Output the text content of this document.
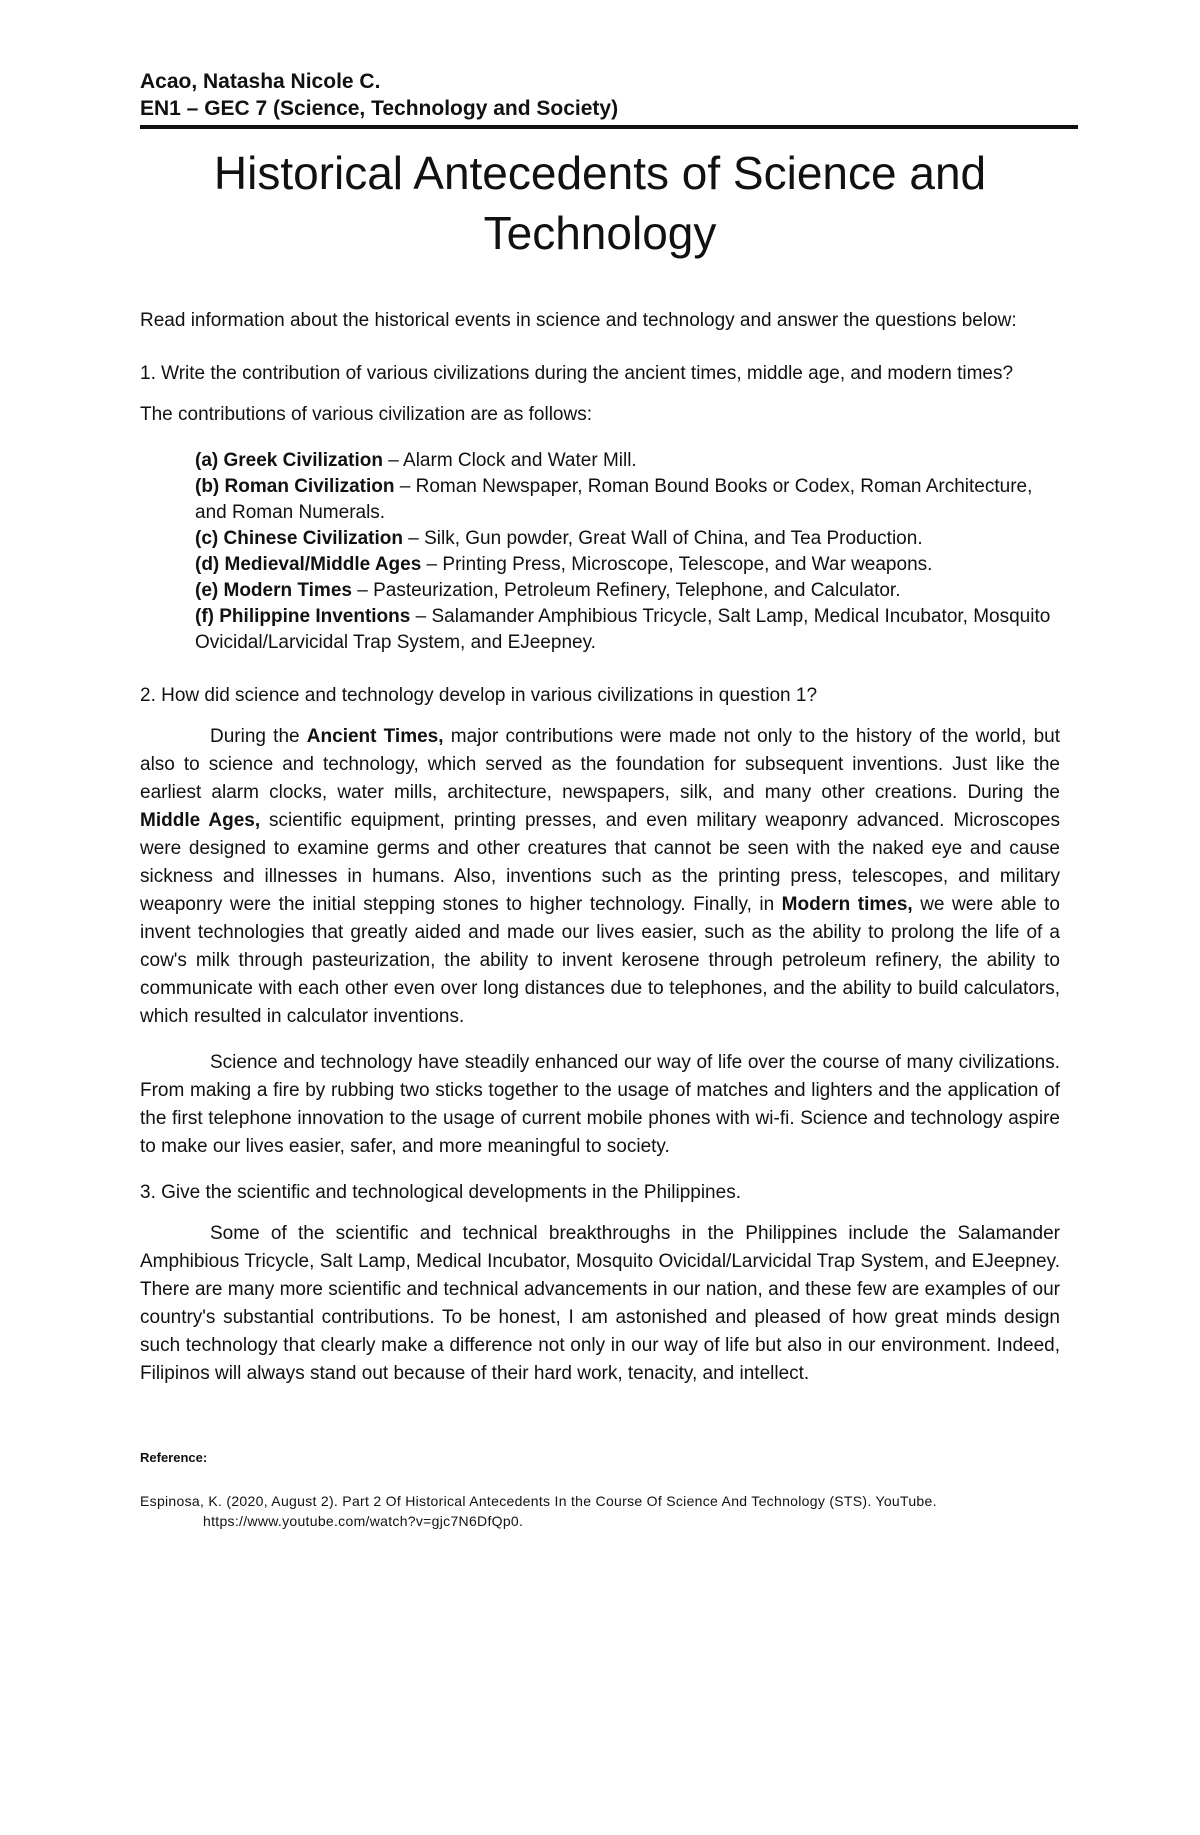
Acao, Natasha Nicole C.
EN1 – GEC 7 (Science, Technology and Society)
Historical Antecedents of Science and Technology

Read information about the historical events in science and technology and answer the questions below:

1. Write the contribution of various civilizations during the ancient times, middle age, and modern times?

The contributions of various civilization are as follows:

(a) Greek Civilization – Alarm Clock and Water Mill.
(b) Roman Civilization – Roman Newspaper, Roman Bound Books or Codex, Roman Architecture, and Roman Numerals.
(c) Chinese Civilization – Silk, Gun powder, Great Wall of China, and Tea Production.
(d) Medieval/Middle Ages – Printing Press, Microscope, Telescope, and War weapons.
(e) Modern Times – Pasteurization, Petroleum Refinery, Telephone, and Calculator.
(f) Philippine Inventions – Salamander Amphibious Tricycle, Salt Lamp, Medical Incubator, Mosquito Ovicidal/Larvicidal Trap System, and EJeepney.

2. How did science and technology develop in various civilizations in question 1?

During the Ancient Times, major contributions were made not only to the history of the world, but also to science and technology, which served as the foundation for subsequent inventions. Just like the earliest alarm clocks, water mills, architecture, newspapers, silk, and many other creations. During the Middle Ages, scientific equipment, printing presses, and even military weaponry advanced. Microscopes were designed to examine germs and other creatures that cannot be seen with the naked eye and cause sickness and illnesses in humans. Also, inventions such as the printing press, telescopes, and military weaponry were the initial stepping stones to higher technology. Finally, in Modern times, we were able to invent technologies that greatly aided and made our lives easier, such as the ability to prolong the life of a cow's milk through pasteurization, the ability to invent kerosene through petroleum refinery, the ability to communicate with each other even over long distances due to telephones, and the ability to build calculators, which resulted in calculator inventions.

Science and technology have steadily enhanced our way of life over the course of many civilizations. From making a fire by rubbing two sticks together to the usage of matches and lighters and the application of the first telephone innovation to the usage of current mobile phones with wi-fi. Science and technology aspire to make our lives easier, safer, and more meaningful to society.

3. Give the scientific and technological developments in the Philippines.

Some of the scientific and technical breakthroughs in the Philippines include the Salamander Amphibious Tricycle, Salt Lamp, Medical Incubator, Mosquito Ovicidal/Larvicidal Trap System, and EJeepney. There are many more scientific and technical advancements in our nation, and these few are examples of our country's substantial contributions. To be honest, I am astonished and pleased of how great minds design such technology that clearly make a difference not only in our way of life but also in our environment. Indeed, Filipinos will always stand out because of their hard work, tenacity, and intellect.

Reference:

Espinosa, K. (2020, August 2). Part 2 Of Historical Antecedents In the Course Of Science And Technology (STS). YouTube. https://www.youtube.com/watch?v=gjc7N6DfQp0.
